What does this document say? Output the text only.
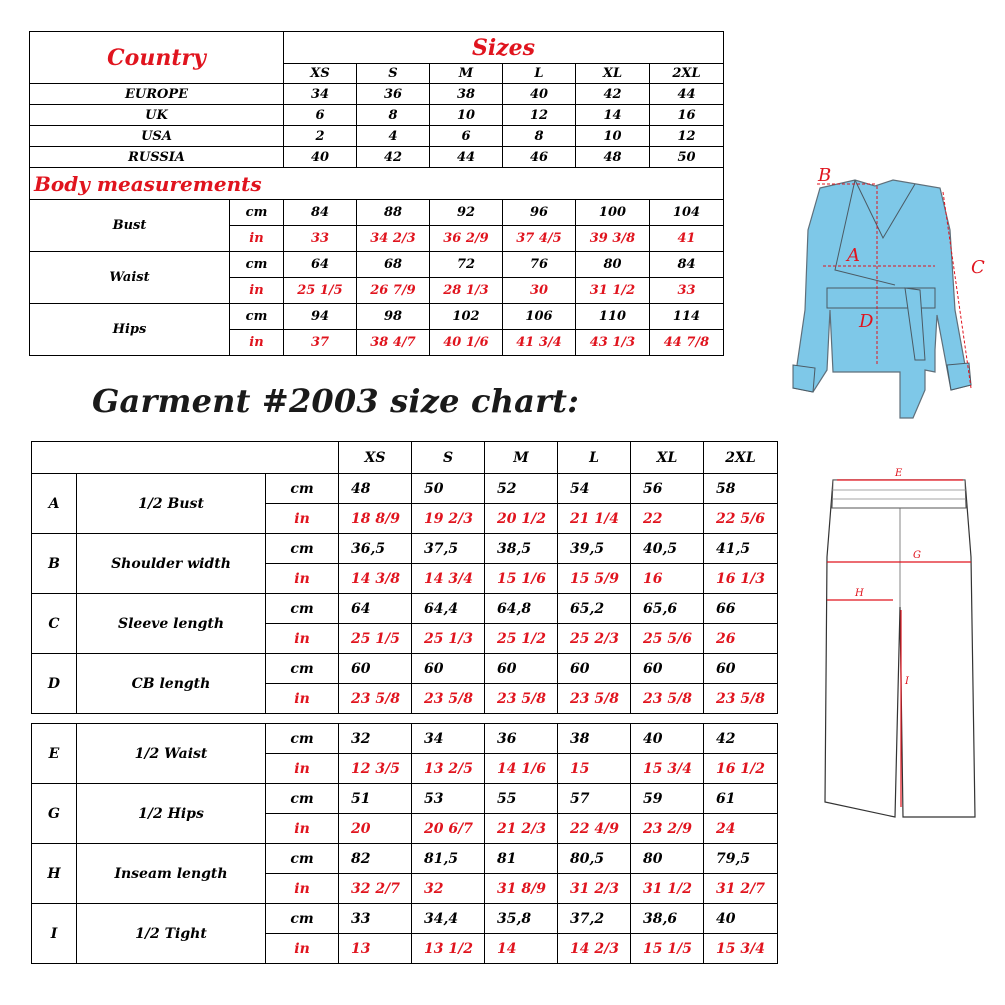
Country		Sizes					
		XS	S	M	L	XL	2XL
EUROPE		34	36	38	40	42	44
UK		6	8	10	12	14	16
USA		2	4	6	8	10	12
RUSSIA		40	42	44	46	48	50
Body measurements							
Bust	cm	84	88	92	96	100	104
	in	33	34 2/3	36 2/9	37 4/5	39 3/8	41
Waist	cm	64	68	72	76	80	84
	in	25 1/5	26 7/9	28 1/3	30	31 1/2	33
Hips	cm	94	98	102	106	110	114
	in	37	38 4/7	40 1/6	41 3/4	43 1/3	44 7/8
A
B
C
D
Garment #2003 size chart:
			XS	S	M	L	XL	2XL
A	1/2 Bust	cm	48	50	52	54	56	58
		in	18 8/9	19 2/3	20 1/2	21 1/4	22	22 5/6
B	Shoulder width	cm	36,5	37,5	38,5	39,5	40,5	41,5
		in	14 3/8	14 3/4	15 1/6	15 5/9	16	16 1/3
C	Sleeve length	cm	64	64,4	64,8	65,2	65,6	66
		in	25 1/5	25 1/3	25 1/2	25 2/3	25 5/6	26
D	CB length	cm	60	60	60	60	60	60
		in	23 5/8	23 5/8	23 5/8	23 5/8	23 5/8	23 5/8
E	1/2 Waist	cm	32	34	36	38	40	42
		in	12 3/5	13 2/5	14 1/6	15	15 3/4	16 1/2
G	1/2 Hips	cm	51	53	55	57	59	61
		in	20	20 6/7	21 2/3	22 4/9	23 2/9	24
H	Inseam length	cm	82	81,5	81	80,5	80	79,5
		in	32 2/7	32	31 8/9	31 2/3	31 1/2	31 2/7
I	1/2 Tight	cm	33	34,4	35,8	37,2	38,6	40
		in	13	13 1/2	14	14 2/3	15 1/5	15 3/4
E
G
H
I
